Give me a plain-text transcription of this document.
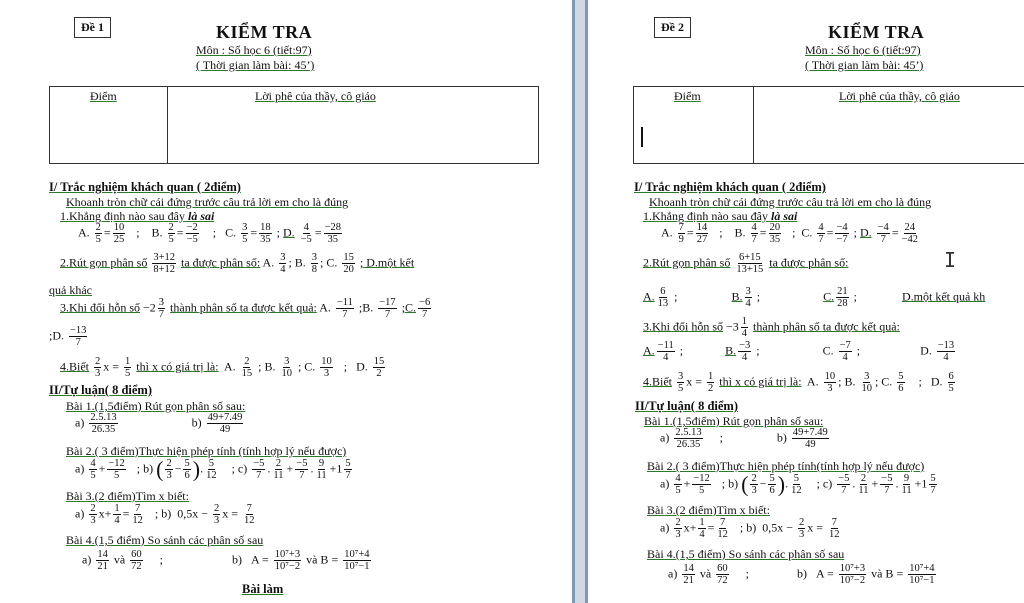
Đề 1	KIỂM TRA
Môn : Số học 6 (tiết:97)
( Thời gian làm bài: 45’)
Điểm	Lời phê của thầy, cô giáo
I/ Trắc nghiệm khách quan ( 2điểm)
Khoanh tròn chữ cái đứng trước câu trả lời em cho là đúng
1.Khẳng định nào sau đây là sai
A. $\frac{2}{5} = \frac{10}{25}$ ;    B. $\frac{2}{5} = \frac{-2}{-5}$ ;   C. $\frac{3}{5} = \frac{18}{35}$ ; D. $\frac{4}{-5} = \frac{-28}{35}$
2.Rút gọn phân số $\frac{3+12}{8+12}$ ta được phân số: A. $\frac{3}{4}$ ; B. $\frac{3}{8}$ ; C. $\frac{15}{20}$ ; D.một kết
quả khác
3.Khi đổi hỗn số $-2 \frac{3}{7}$ thành phân số ta được kết quả: A. $\frac{-11}{7}$ ;B. $\frac{-17}{7}$ ;C. $\frac{-6}{7}$
;D. $\frac{-13}{7}$
4.Biết $\frac{2}{3}$ $x = \frac{1}{5}$ thì x có giá trị là:  A. $\frac{2}{15}$ ; B. $\frac{3}{10}$ ; C. $\frac{10}{3}$ ;   D. $\frac{15}{2}$
II/Tự luận( 8 điểm)
Bài 1.(1,5điểm) Rút gọn phân số sau:
$a) \frac{2.5.13}{26.35} b) \frac{49+7.49}{49}$
Bài 2.( 3 điểm)Thực hiện phép tính (tính hợp lý nếu được)
$a) \frac{4}{5} + \frac{-12}{5}$ ; b) ( $\frac{2}{3} - \frac{5}{6}$ ). $\frac{5}{12}$ ; $c) \frac{-5}{7}$ . $\frac{2}{11} + \frac{-5}{7}$ . $\frac{9}{11} +1 \frac{5}{7}$
Bài 3.(2 điểm)Tìm x biết:
$a) \frac{2}{3} x+ \frac{1}{4} = \frac{7}{12}$ ; b)  $0,5x - \frac{2}{3}$ $x = \frac{7}{12}$
Bài 4.(1,5 điểm) So sánh các phân số sau
$a) \frac{14}{21}$ và $\frac{60}{72}$ ;                       b)   $A = \frac{\text{10⁷+3}}{\text{10⁷−2}}$ và $B = \frac{\text{10⁷+4}}{\text{10⁷−1}}$
Bài làm
Đề 2	KIỂM TRA
Môn : Số học 6 (tiết:97)
( Thời gian làm bài: 45’)
Điểm	Lời phê của thầy, cô giáo
I/ Trắc nghiệm khách quan ( 2điểm)
Khoanh tròn chữ cái đứng trước câu trả lời em cho là đúng
1.Khẳng định nào sau đây là sai
A. $\frac{7}{9} = \frac{14}{27}$ ;    B. $\frac{4}{7} = \frac{20}{35}$ ;  C. $\frac{4}{7} = \frac{-4}{-7}$ ; D. $\frac{-4}{7} = \frac{24}{-42}$
2.Rút gọn phân số $\frac{6+15}{13+15}$ ta được phân số:
A. $\frac{6}{13}$ ;                  B. $\frac{3}{4}$ ;                     C. $\frac{21}{28}$ ;               D.một kết quả kh
3.Khi đổi hỗn số $-3 \frac{1}{4}$ thành phân số ta được kết quả:
A. $\frac{-11}{4}$ ;              B. $\frac{-3}{4}$ ;                     C. $\frac{-7}{4}$ ;                    D. $\frac{-13}{4}$
4.Biết $\frac{3}{5}$ $x = \frac{1}{2}$ thì x có giá trị là:  A. $\frac{10}{3}$ ; B. $\frac{3}{10}$ ; C. $\frac{5}{6}$ ;   D. $\frac{6}{5}$
II/Tự luận( 8 điểm)
Bài 1.(1,5điểm) Rút gọn phân số sau:
$a) \frac{2.5.13}{26.35}$ ;                  $b) \frac{49+7.49}{49}$
Bài 2.( 3 điểm)Thực hiện phép tính(tính hợp lý nếu được)
$a) \frac{4}{5} + \frac{-12}{5}$ ; b) ( $\frac{2}{3} - \frac{5}{6}$ ). $\frac{5}{12}$ ; $c) \frac{-5}{7}$ . $\frac{2}{11} + \frac{-5}{7}$ . $\frac{9}{11} +1 \frac{5}{7}$
Bài 3.(2 điểm)Tìm x biết:
$a) \frac{2}{3} x+ \frac{1}{4} = \frac{7}{12}$ ; b)  $0,5x - \frac{2}{3}$ $x = \frac{7}{12}$
Bài 4.(1,5 điểm) So sánh các phân số sau
$a) \frac{14}{21}$ và $\frac{60}{72}$ ;                b)   $A = \frac{\text{10⁷+3}}{\text{10⁷−2}}$ và $B = \frac{\text{10⁷+4}}{\text{10⁷−1}}$
I
